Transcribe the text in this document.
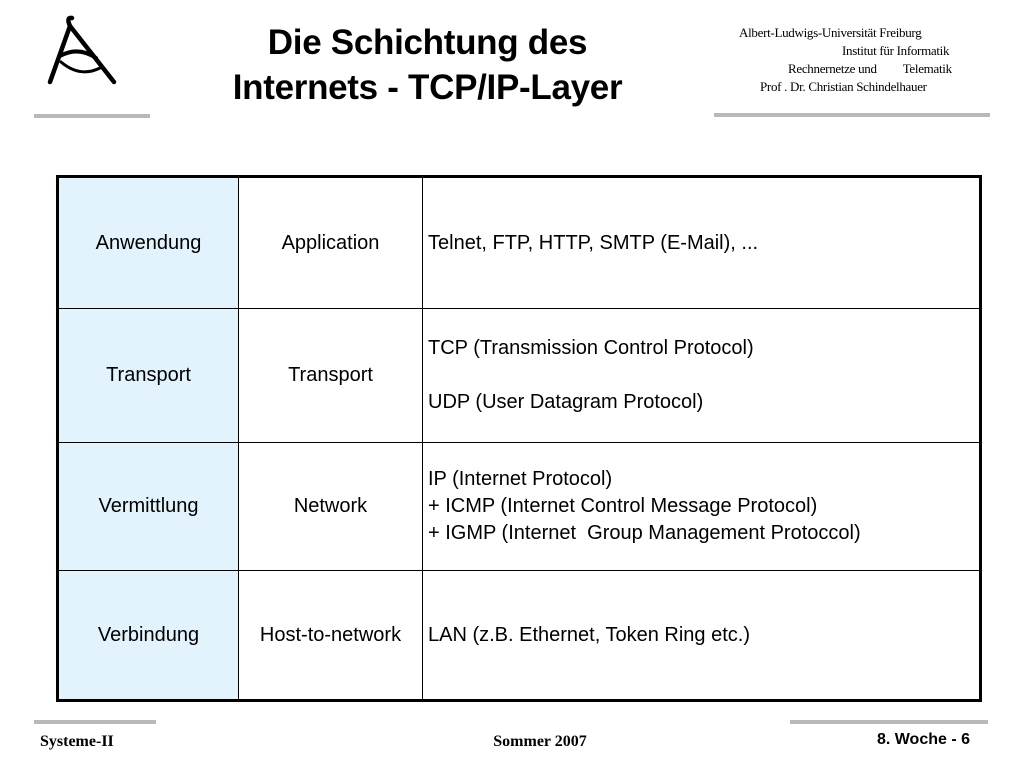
Die Schichtung des
Internets - TCP/IP-Layer
Albert-Ludwigs-Universität Freiburg
Institut für Informatik
Rechnernetze und Telematik
Prof . Dr. Christian Schindelhauer
Anwendung	Application	Telnet, FTP, HTTP, SMTP (E-Mail), ...

Transport	Transport	TCP (Transmission Control Protocol)
UDP (User Datagram Protocol)

Vermittlung	Network	IP (Internet Protocol)
+ ICMP (Internet Control Message Protocol)
+ IGMP (Internet  Group Management Protoccol)

Verbindung	Host-to-network	LAN (z.B. Ethernet, Token Ring etc.)
Systeme-II	Sommer 2007	8. Woche - 6
